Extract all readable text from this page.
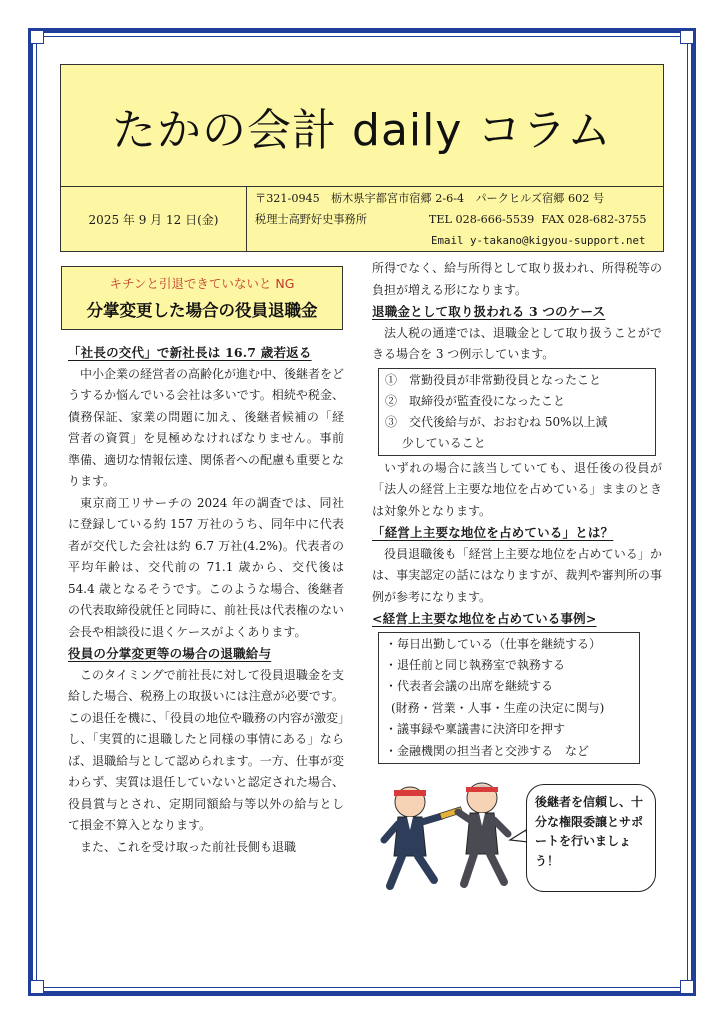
たかの会計 daily コラム
2025 年 9 月 12 日(金)
〒321-0945　栃木県宇都宮市宿郷 2-6-4　パークヒルズ宿郷 602 号
税理士高野好史事務所	TEL 028-666-5539 FAX 028-682-3755
Email y-takano@kigyou-support.net
キチンと引退できていないと NG
分掌変更した場合の役員退職金
「社長の交代」で新社長は 16.7 歳若返る

中小企業の経営者の高齢化が進む中、後継者をどうするか悩んでいる会社は多いです。相続や税金、債務保証、家業の問題に加え、後継者候補の「経営者の資質」を見極めなければなりません。事前準備、適切な情報伝達、関係者への配慮も重要となります。

東京商工リサーチの 2024 年の調査では、同社に登録している約 157 万社のうち、同年中に代表者が交代した会社は約 6.7 万社(4.2%)。代表者の平均年齢は、交代前の 71.1 歳から、交代後は 54.4 歳となるそうです。このような場合、後継者の代表取締役就任と同時に、前社長は代表権のない会長や相談役に退くケースがよくあります。

役員の分掌変更等の場合の退職給与

このタイミングで前社長に対して役員退職金を支給した場合、税務上の取扱いには注意が必要です。この退任を機に、「役員の地位や職務の内容が激変」し、「実質的に退職したと同様の事情にある」ならば、退職給与として認められます。一方、仕事が変わらず、実質は退任していないと認定された場合、役員賞与とされ、定期同額給与等以外の給与として損金不算入となります。

また、これを受け取った前社長側も退職

所得でなく、給与所得として取り扱われ、所得税等の負担が増える形になります。

退職金として取り扱われる 3 つのケース

法人税の通達では、退職金として取り扱うことができる場合を 3 つ例示しています。

①　常勤役員が非常勤役員となったこと
②　取締役が監査役になったこと
③　交代後給与が、おおむね 50%以上減
少していること

いずれの場合に該当していても、退任後の役員が「法人の経営上主要な地位を占めている」ままのときは対象外となります。

「経営上主要な地位を占めている」とは？

役員退職後も「経営上主要な地位を占めている」かは、事実認定の話にはなりますが、裁判や審判所の事例が参考になります。

<経営上主要な地位を占めている事例>
・毎日出勤している（仕事を継続する）
・退任前と同じ執務室で執務する
・代表者会議の出席を継続する
(財務・営業・人事・生産の決定に関与)
・議事録や稟議書に決済印を押す
・金融機関の担当者と交渉する　など
後継者を信頼し、十分な権限委譲とサポートを行いましょう！
